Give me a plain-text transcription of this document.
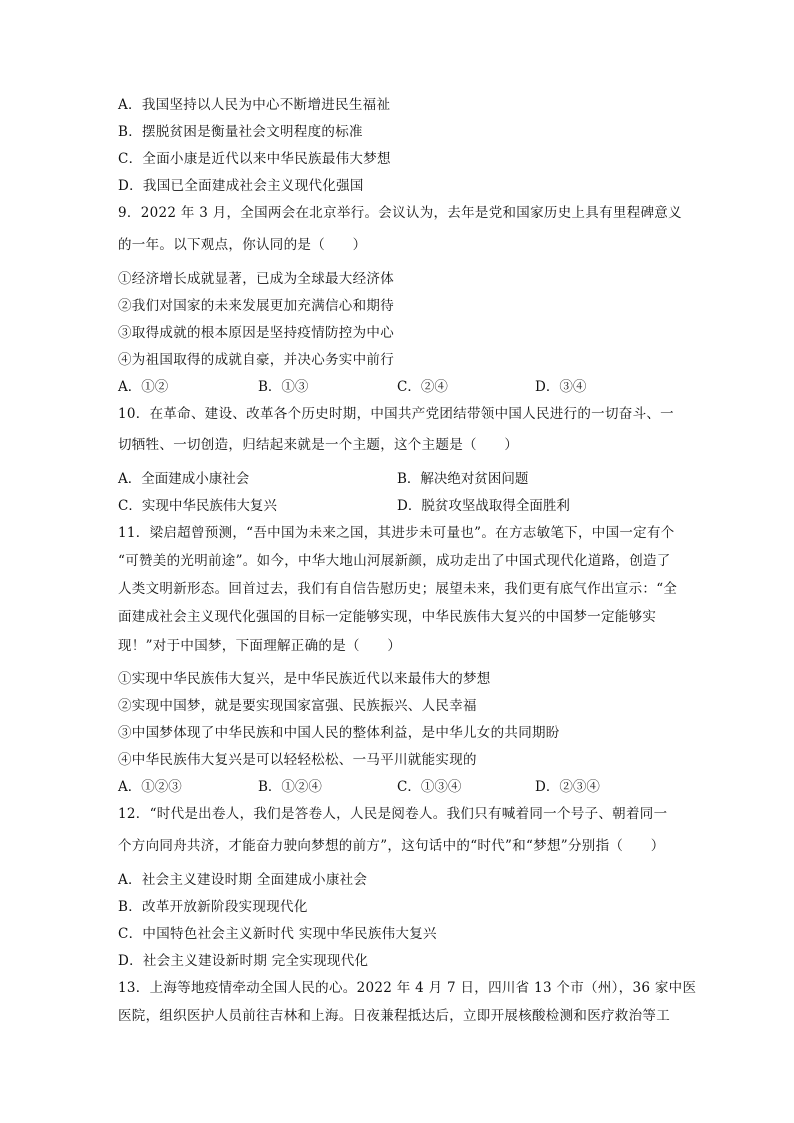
A．我国坚持以人民为中心不断增进民生福祉
B．摆脱贫困是衡量社会文明程度的标准
C．全面小康是近代以来中华民族最伟大梦想
D．我国已全面建成社会主义现代化强国
9．2022 年 3 月，全国两会在北京举行。会议认为，去年是党和国家历史上具有里程碑意义
的一年。以下观点，你认同的是（　　）
①经济增长成就显著，已成为全球最大经济体
②我们对国家的未来发展更加充满信心和期待
③取得成就的根本原因是坚持疫情防控为中心
④为祖国取得的成就自豪，并决心务实中前行
A．①②	B．①③	C．②④	D．③④
10．在革命、建设、改革各个历史时期，中国共产党团结带领中国人民进行的一切奋斗、一
切牺牲、一切创造，归结起来就是一个主题，这个主题是（　　）
A．全面建成小康社会	B．解决绝对贫困问题
C．实现中华民族伟大复兴	D．脱贫攻坚战取得全面胜利
11．梁启超曾预测，“吾中国为未来之国，其进步未可量也”。在方志敏笔下，中国一定有个
“可赞美的光明前途”。如今，中华大地山河展新颜，成功走出了中国式现代化道路，创造了
人类文明新形态。回首过去，我们有自信告慰历史；展望未来，我们更有底气作出宣示：“全
面建成社会主义现代化强国的目标一定能够实现，中华民族伟大复兴的中国梦一定能够实
现！”对于中国梦，下面理解正确的是（　　）
①实现中华民族伟大复兴，是中华民族近代以来最伟大的梦想
②实现中国梦，就是要实现国家富强、民族振兴、人民幸福
③中国梦体现了中华民族和中国人民的整体利益，是中华儿女的共同期盼
④中华民族伟大复兴是可以轻轻松松、一马平川就能实现的
A．①②③	B．①②④	C．①③④	D．②③④
12．“时代是出卷人，我们是答卷人，人民是阅卷人。我们只有喊着同一个号子、朝着同一
个方向同舟共济，才能奋力驶向梦想的前方”，这句话中的“时代”和“梦想”分别指（　　）
A．社会主义建设时期 全面建成小康社会
B．改革开放新阶段实现现代化
C．中国特色社会主义新时代 实现中华民族伟大复兴
D．社会主义建设新时期 完全实现现代化
13．上海等地疫情牵动全国人民的心。2022 年 4 月 7 日，四川省 13 个市（州），36 家中医
医院，组织医护人员前往吉林和上海。日夜兼程抵达后，立即开展核酸检测和医疗救治等工
